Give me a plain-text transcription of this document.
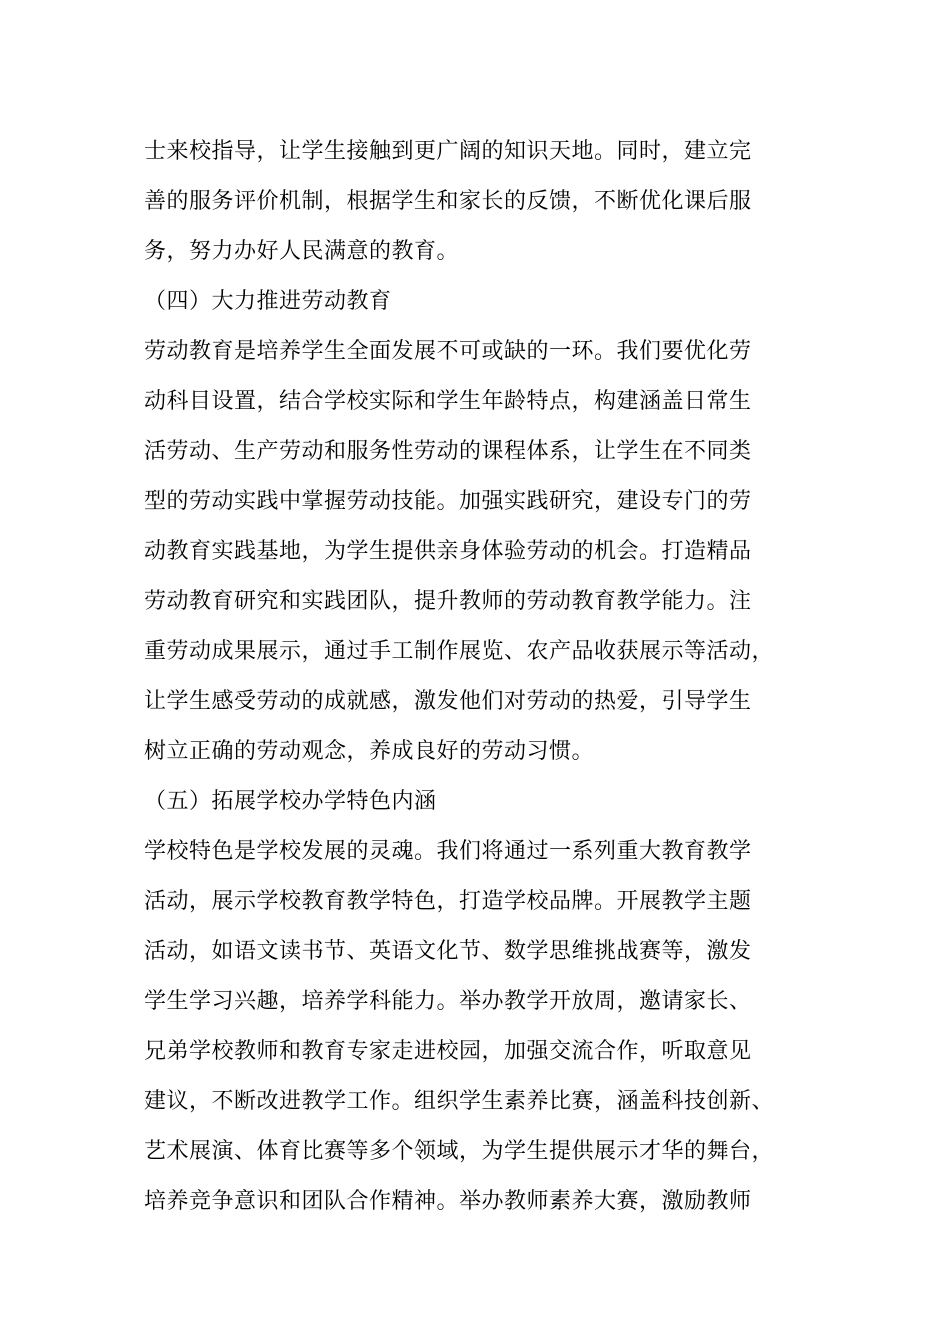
士来校指导，让学生接触到更广阔的知识天地。同时，建立完
善的服务评价机制，根据学生和家长的反馈，不断优化课后服
务，努力办好人民满意的教育。
（四）大力推进劳动教育
劳动教育是培养学生全面发展不可或缺的一环。我们要优化劳
动科目设置，结合学校实际和学生年龄特点，构建涵盖日常生
活劳动、生产劳动和服务性劳动的课程体系，让学生在不同类
型的劳动实践中掌握劳动技能。加强实践研究，建设专门的劳
动教育实践基地，为学生提供亲身体验劳动的机会。打造精品
劳动教育研究和实践团队，提升教师的劳动教育教学能力。注
重劳动成果展示，通过手工制作展览、农产品收获展示等活动，
让学生感受劳动的成就感，激发他们对劳动的热爱，引导学生
树立正确的劳动观念，养成良好的劳动习惯。
（五）拓展学校办学特色内涵
学校特色是学校发展的灵魂。我们将通过一系列重大教育教学
活动，展示学校教育教学特色，打造学校品牌。开展教学主题
活动，如语文读书节、英语文化节、数学思维挑战赛等，激发
学生学习兴趣，培养学科能力。举办教学开放周，邀请家长、
兄弟学校教师和教育专家走进校园，加强交流合作，听取意见
建议，不断改进教学工作。组织学生素养比赛，涵盖科技创新、
艺术展演、体育比赛等多个领域，为学生提供展示才华的舞台，
培养竞争意识和团队合作精神。举办教师素养大赛，激励教师
